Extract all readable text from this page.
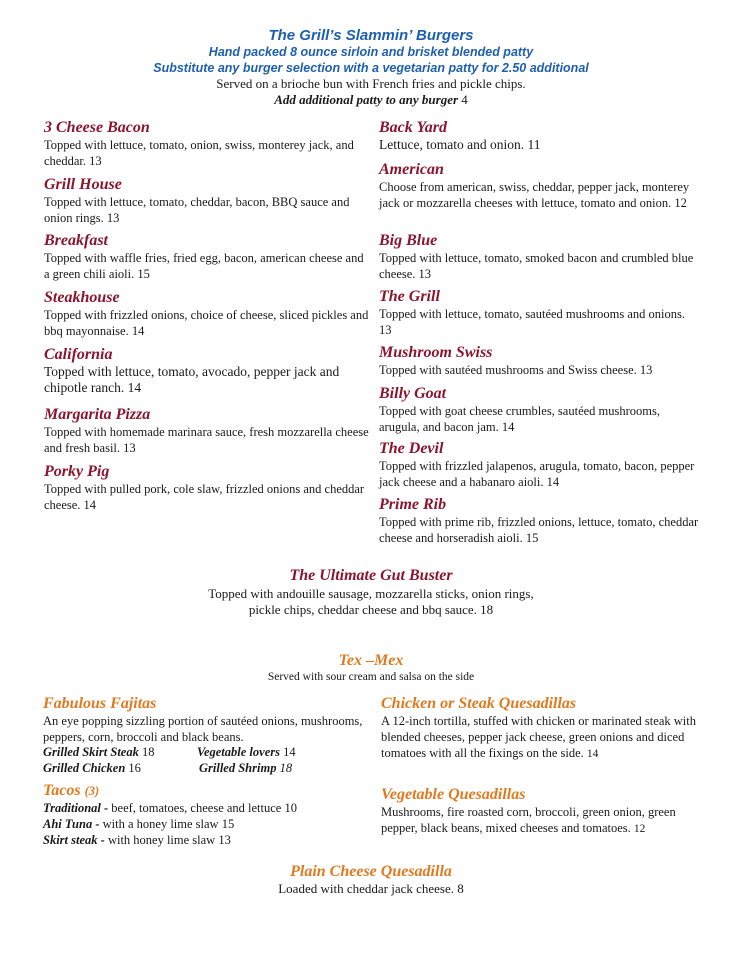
The Grill’s Slammin’ Burgers
Hand packed 8 ounce sirloin and brisket blended patty
Substitute any burger selection with a vegetarian patty for 2.50 additional
Served on a brioche bun with French fries and pickle chips.
Add additional patty to any burger 4
3 Cheese Bacon
Topped with lettuce, tomato, onion, swiss, monterey jack, and cheddar. 13
Grill House
Topped with lettuce, tomato, cheddar, bacon, BBQ sauce and onion rings. 13
Breakfast
Topped with waffle fries, fried egg, bacon, american cheese and a green chili aioli. 15
Steakhouse
Topped with frizzled onions, choice of cheese, sliced pickles and bbq mayonnaise. 14
California
Topped with lettuce, tomato, avocado, pepper jack and chipotle ranch. 14
Margarita Pizza
Topped with homemade marinara sauce, fresh mozzarella cheese and fresh basil. 13
Porky Pig
Topped with pulled pork, cole slaw, frizzled onions and cheddar cheese. 14
Back Yard
Lettuce, tomato and onion. 11
American
Choose from american, swiss, cheddar, pepper jack, monterey jack or mozzarella cheeses with lettuce, tomato and onion. 12
Big Blue
Topped with lettuce, tomato, smoked bacon and crumbled blue cheese. 13
The Grill
Topped with lettuce, tomato, sautéed mushrooms and onions. 13
Mushroom Swiss
Topped with sautéed mushrooms and Swiss cheese. 13
Billy Goat
Topped with goat cheese crumbles, sautéed mushrooms, arugula, and bacon jam. 14
The Devil
Topped with frizzled jalapenos, arugula, tomato, bacon, pepper jack cheese and a habanaro aioli. 14
Prime Rib
Topped with prime rib, frizzled onions, lettuce, tomato, cheddar cheese and horseradish aioli. 15
The Ultimate Gut Buster
Topped with andouille sausage, mozzarella sticks, onion rings,
pickle chips, cheddar cheese and bbq sauce. 18
Tex –Mex
Served with sour cream and salsa on the side
Fabulous Fajitas
An eye popping sizzling portion of sautéed onions, mushrooms, peppers, corn, broccoli and black beans.
Grilled Skirt Steak 18	Vegetable lovers 14
Grilled Chicken 16	Grilled Shrimp 18
Tacos (3)
Traditional - beef, tomatoes, cheese and lettuce 10
Ahi Tuna - with a honey lime slaw 15
Skirt steak - with honey lime slaw 13
Chicken or Steak Quesadillas
A 12-inch tortilla, stuffed with chicken or marinated steak with blended cheeses, pepper jack cheese, green onions and diced tomatoes with all the fixings on the side. 14
Vegetable Quesadillas
Mushrooms, fire roasted corn, broccoli, green onion, green pepper, black beans, mixed cheeses and tomatoes. 12
Plain Cheese Quesadilla
Loaded with cheddar jack cheese. 8
